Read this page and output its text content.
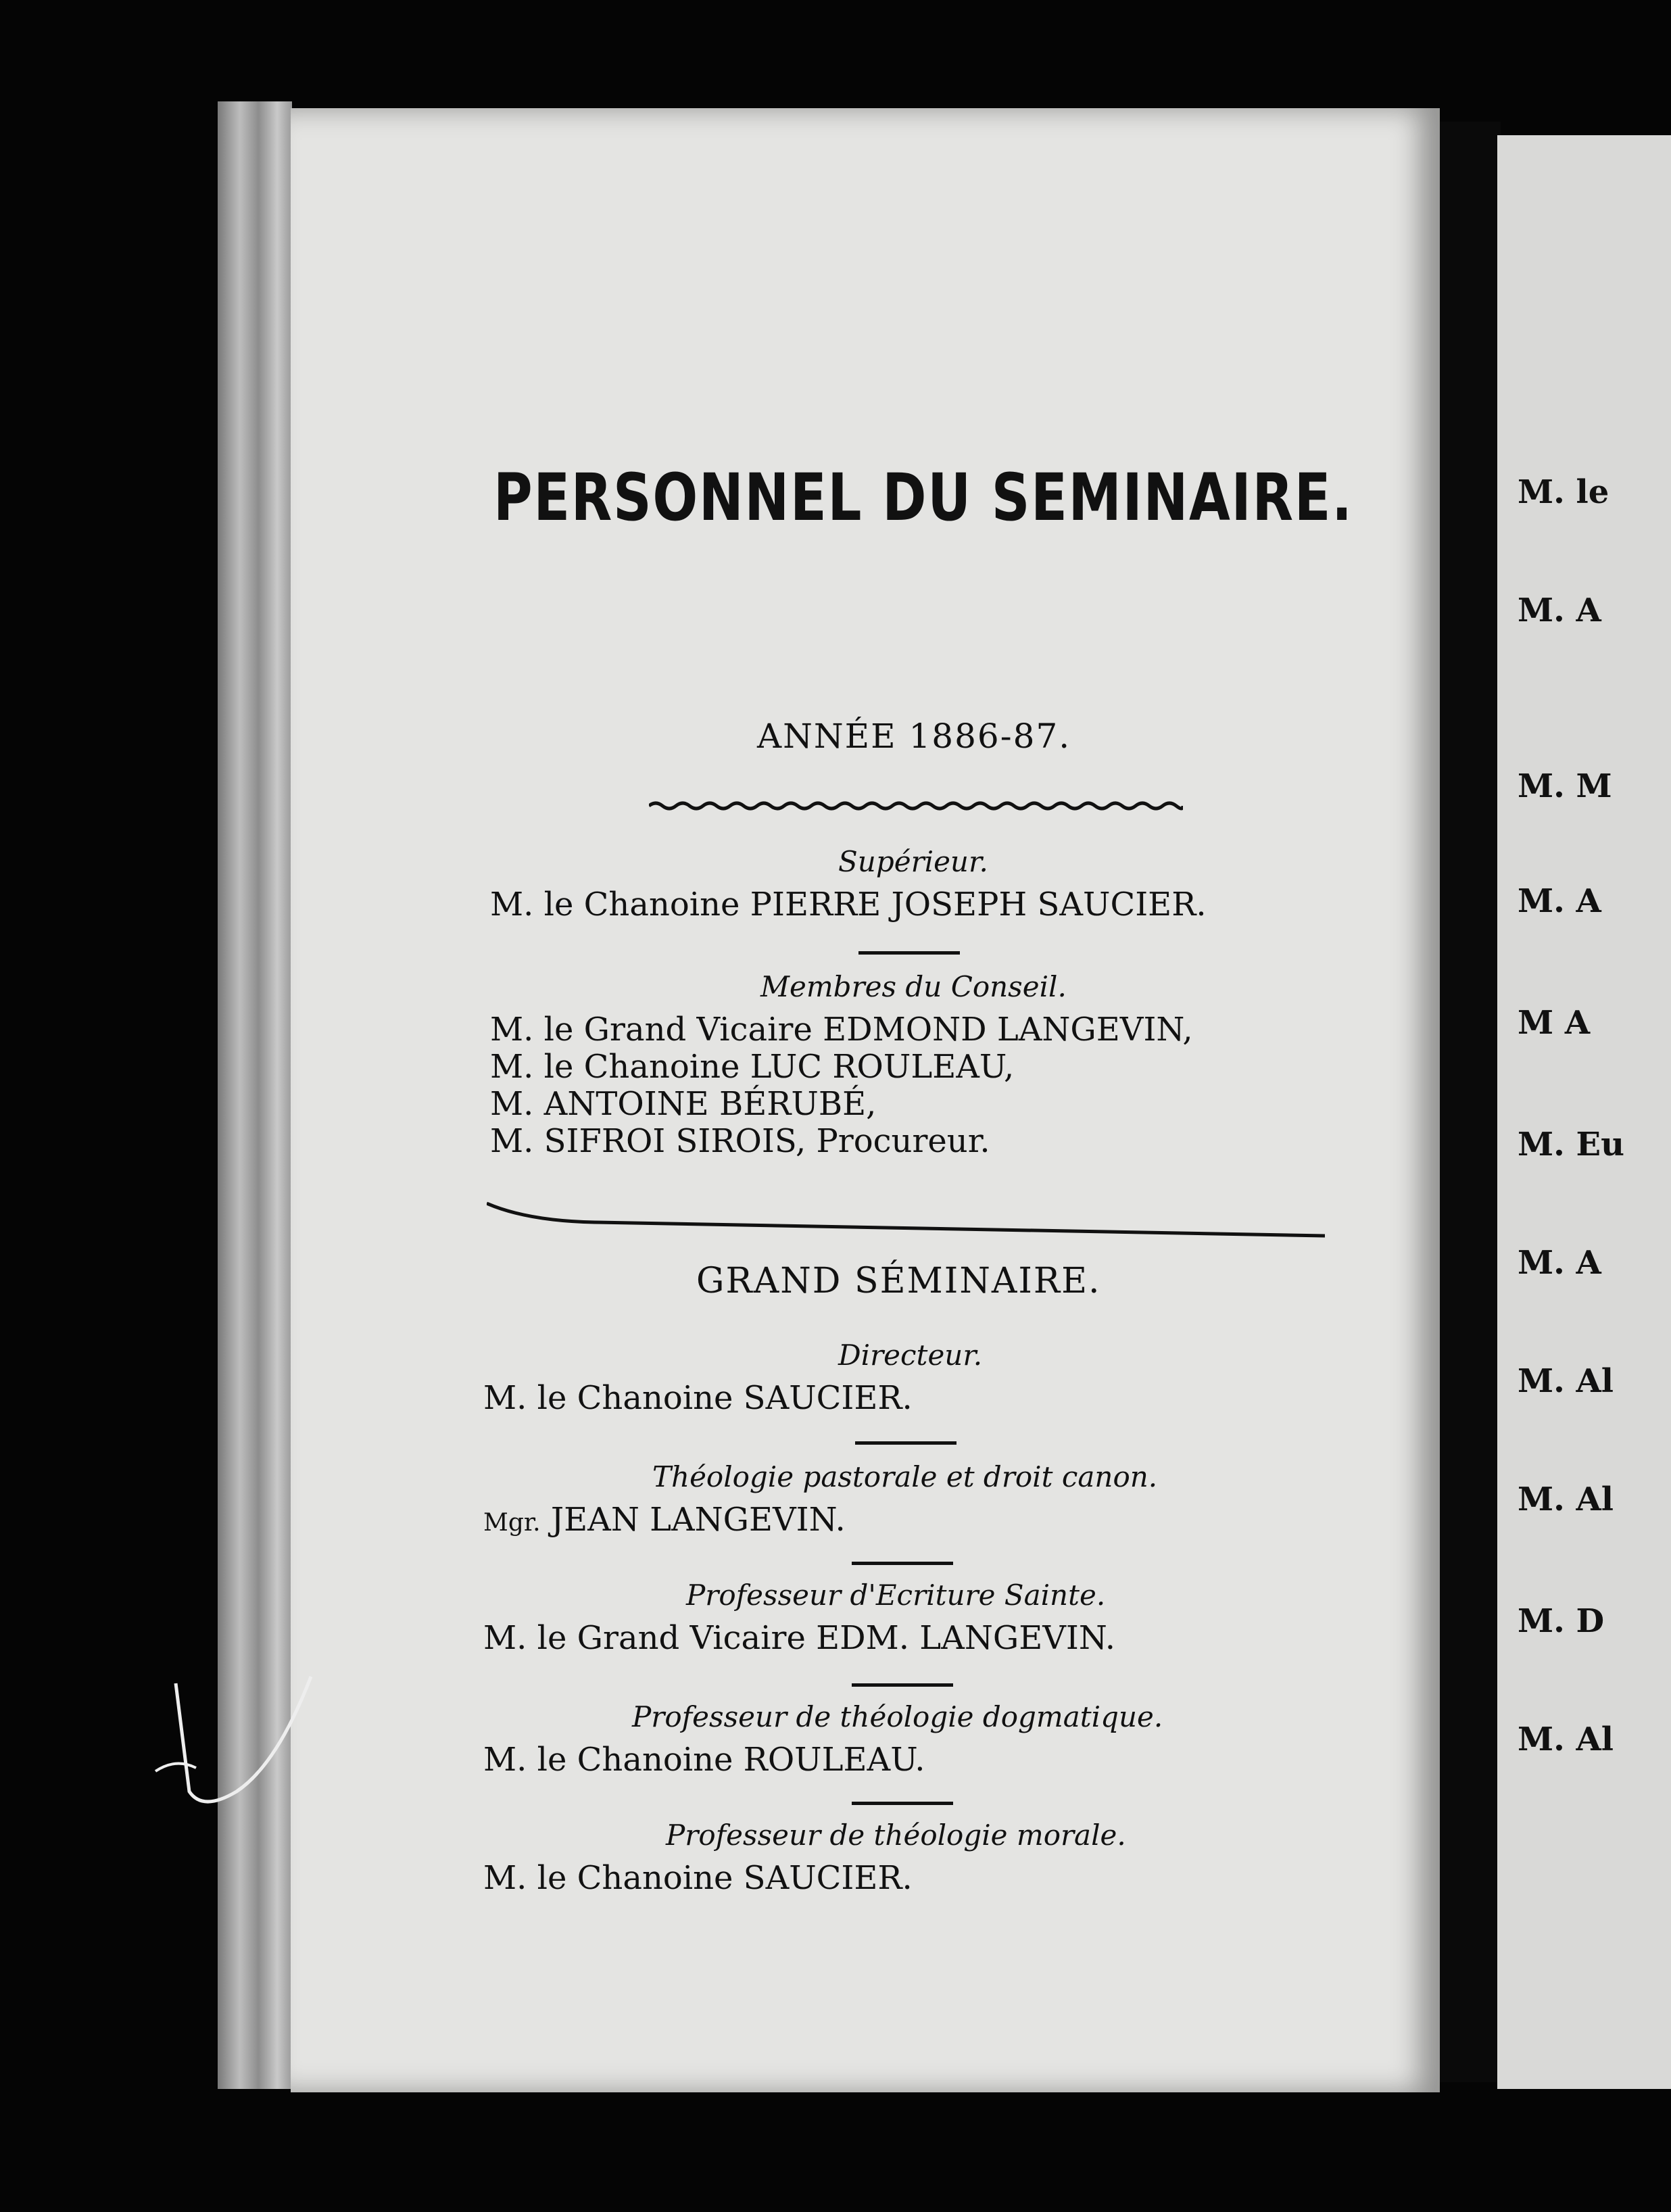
PERSONNEL DU SEMINAIRE.
ANNÉE 1886-87.
Supérieur.
M. le Chanoine PIERRE JOSEPH SAUCIER.
Membres du Conseil.
M. le Grand Vicaire EDMOND LANGEVIN,
M. le Chanoine LUC ROULEAU,
M. ANTOINE BÉRUBÉ,
M. SIFROI SIROIS, Procureur.
GRAND SÉMINAIRE.
Directeur.
M. le Chanoine SAUCIER.
Théologie pastorale et droit canon.
Mgr. JEAN LANGEVIN.
Professeur d'Ecriture Sainte.
M. le Grand Vicaire EDM. LANGEVIN.
Professeur de théologie dogmatique.
M. le Chanoine ROULEAU.
Professeur de théologie morale.
M. le Chanoine SAUCIER.
M. le
M. A
M. M
M. A
M A
M. Eu
M. A
M. Al
M. Al
M. D
M. Al
